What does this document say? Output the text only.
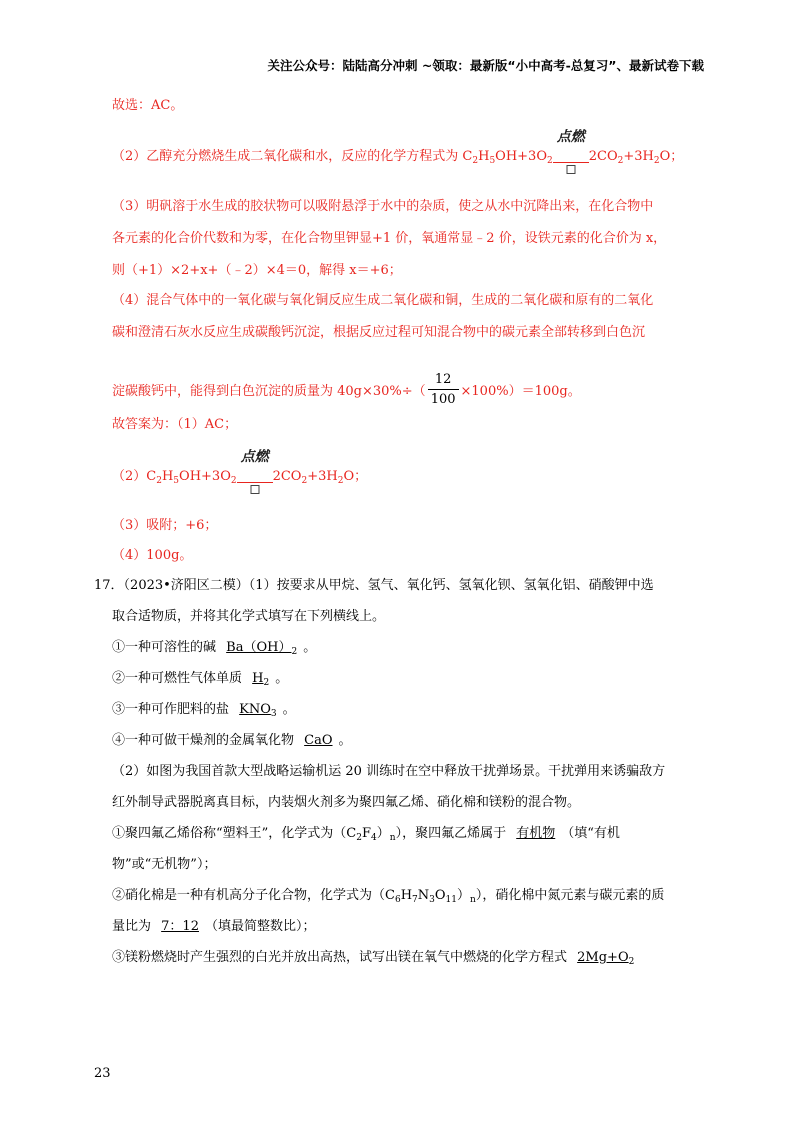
关注公众号：陆陆高分冲刺 ~领取：最新版“小中高考-总复习”、最新试卷下载
故选：AC。
（2）乙醇充分燃烧生成二氧化碳和水，反应的化学方程式为 $C_2H_5OH+3O_2$
点燃
$2CO_2+3H_2O$；
（3）明矾溶于水生成的胶状物可以吸附悬浮于水中的杂质，使之从水中沉降出来，在化合物中
各元素的化合价代数和为零，在化合物里钾显+1 价，氧通常显﹣2 价，设铁元素的化合价为 x，
则（+1）×2+x+（﹣2）×4＝0，解得 x＝+6；
（4）混合气体中的一氧化碳与氧化铜反应生成二氧化碳和铜，生成的二氧化碳和原有的二氧化
碳和澄清石灰水反应生成碳酸钙沉淀，根据反应过程可知混合物中的碳元素全部转移到白色沉
淀碳酸钙中，能得到白色沉淀的质量为 $40g\times 30\%\div( \frac{12}{100} \times 100\%)=100g$。
故答案为：（1）AC；
$(2)C_2H_5OH+3O_2$
点燃
$2CO_2+3H_2O$；
（3）吸附；+6；
（4）100g。
17．（2023•济阳区二模）（1）按要求从甲烷、氢气、氧化钙、氢氧化钡、氢氧化铝、硝酸钾中选
取合适物质，并将其化学式填写在下列横线上。
①一种可溶性的碱 $Ba(OH)_2$ 。
②一种可燃性气体单质 $H_2$ 。
③一种可作肥料的盐 $KNO_3$ 。
④一种可做干燥剂的金属氧化物 CaO 。
（2）如图为我国首款大型战略运输机运 20 训练时在空中释放干扰弹场景。干扰弹用来诱骗敌方
红外制导武器脱离真目标，内装烟火剂多为聚四氟乙烯、硝化棉和镁粉的混合物。
①聚四氟乙烯俗称“塑料王”，化学式为$(C_2F_4)_n$），聚四氟乙烯属于 有机物 （填“有机
物”或“无机物”）；
②硝化棉是一种有机高分子化合物，化学式为$(C_6H_7N_3O_{11})_n$），硝化棉中氮元素与碳元素的质
量比为 7：12 （填最简整数比）；
③镁粉燃烧时产生强烈的白光并放出高热，试写出镁在氧气中燃烧的化学方程式 $2Mg+O_2$
23
